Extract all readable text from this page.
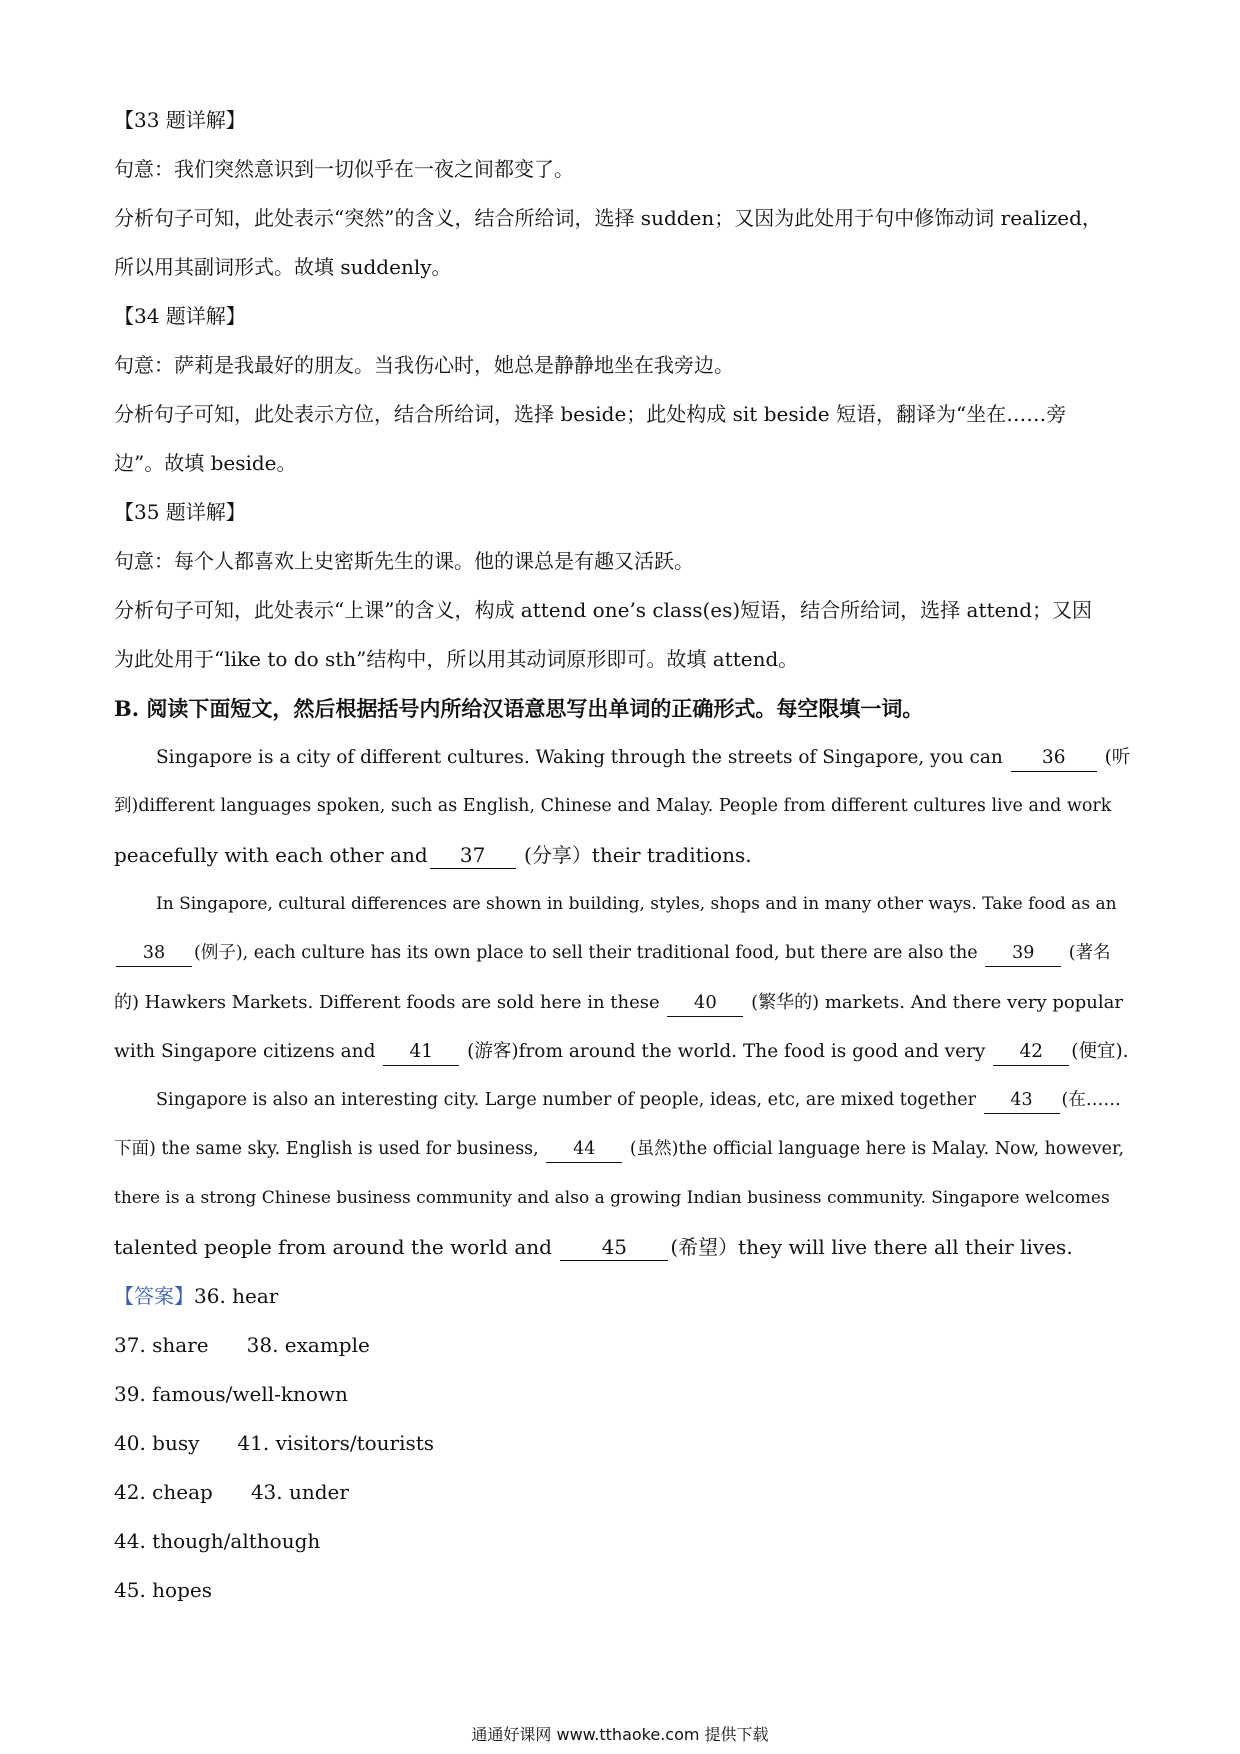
【33 题详解】
句意：我们突然意识到一切似乎在一夜之间都变了。
分析句子可知，此处表示“突然”的含义，结合所给词，选择 sudden；又因为此处用于句中修饰动词 realized，
所以用其副词形式。故填 suddenly。
【34 题详解】
句意：萨莉是我最好的朋友。当我伤心时，她总是静静地坐在我旁边。
分析句子可知，此处表示方位，结合所给词，选择 beside；此处构成 sit beside 短语，翻译为“坐在……旁
边”。故填 beside。
【35 题详解】
句意：每个人都喜欢上史密斯先生的课。他的课总是有趣又活跃。
分析句子可知，此处表示“上课”的含义，构成 attend one’s class(es)短语，结合所给词，选择 attend；又因
为此处用于“like to do sth”结构中，所以用其动词原形即可。故填 attend。
B. 阅读下面短文，然后根据括号内所给汉语意思写出单词的正确形式。每空限填一词。
Singapore is a city of different cultures. Waking through the streets of Singapore, you can 36 (听
到)different languages spoken, such as English, Chinese and Malay. People from different cultures live and work
peacefully with each other and 37 (分享）their traditions.
In Singapore, cultural differences are shown in building, styles, shops and in many other ways. Take food as an
38 (例子), each culture has its own place to sell their traditional food, but there are also the 39 (著名
的) Hawkers Markets. Different foods are sold here in these 40 (繁华的) markets. And there very popular
with Singapore citizens and 41 (游客)from around the world. The food is good and very 42 (便宜).
Singapore is also an interesting city. Large number of people, ideas, etc, are mixed together 43 (在……
下面) the same sky. English is used for business, 44 (虽然)the official language here is Malay. Now, however,
there is a strong Chinese business community and also a growing Indian business community. Singapore welcomes
talented people from around the world and 45 (希望）they will live there all their lives.
【答案】36. hear
37. share 38. example
39. famous/well-known
40. busy 41. visitors/tourists
42. cheap 43. under
44. though/although
45. hopes
通通好课网 www.tthaoke.com 提供下载
